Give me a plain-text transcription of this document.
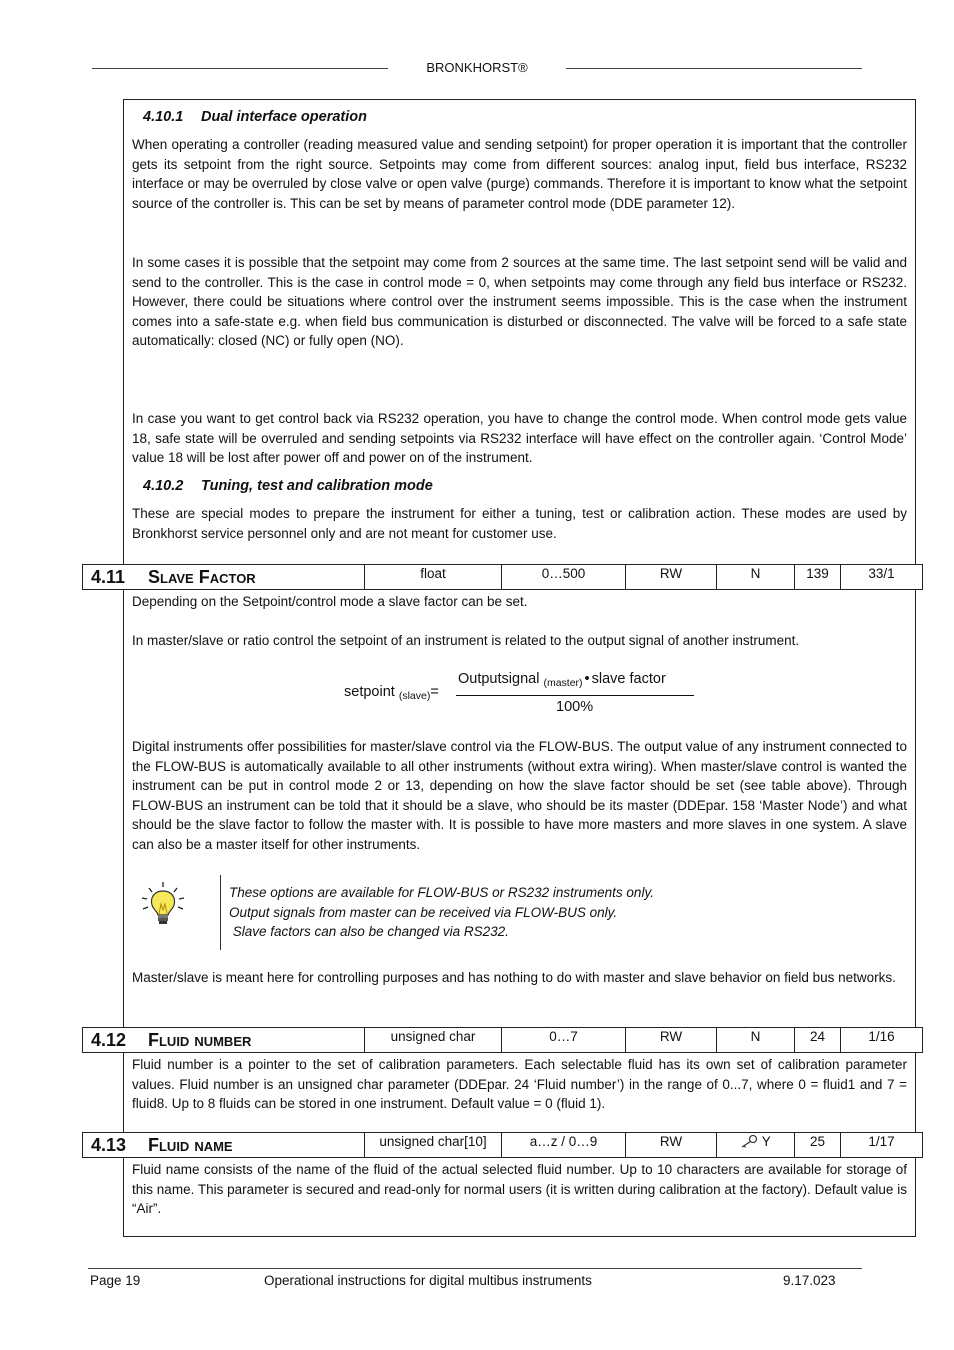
BRONKHORST®
4.10.1 Dual interface operation
When operating a controller (reading measured value and sending setpoint) for proper operation it is important that the controller gets its setpoint from the right source. Setpoints may come from different sources: analog input, field bus interface, RS232 interface or may be overruled by close valve or open valve (purge) commands. Therefore it is important to know what the setpoint source of the controller is. This can be set by means of parameter control mode (DDE parameter 12).
In some cases it is possible that the setpoint may come from 2 sources at the same time. The last setpoint send will be valid and send to the controller. This is the case in control mode = 0, when setpoints may come through any field bus interface or RS232. However, there could be situations where control over the instrument seems impossible. This is the case when the instrument comes into a safe-state e.g. when field bus communication is disturbed or disconnected. The valve will be forced to a safe state automatically: closed (NC) or fully open (NO).
In case you want to get control back via RS232 operation, you have to change the control mode. When control mode gets value 18, safe state will be overruled and sending setpoints via RS232 interface will have effect on the controller again. ‘Control Mode’ value 18 will be lost after power off and power on of the instrument.
4.10.2 Tuning, test and calibration mode
These are special modes to prepare the instrument for either a tuning, test or calibration action. These modes are used by Bronkhorst service personnel only and are not meant for customer use.
4.11 Slave Factor	float	0…500	RW	N	139	33/1
Depending on the Setpoint/control mode a slave factor can be set.
In master/slave or ratio control the setpoint of an instrument is related to the output signal of another instrument.
setpoint $_{(slave)}$=
Outputsignal $_{(master)}$ • slave factor
100%
Digital instruments offer possibilities for master/slave control via the FLOW-BUS. The output value of any instrument connected to the FLOW-BUS is automatically available to all other instruments (without extra wiring). When master/slave control is wanted the instrument can be put in control mode 2 or 13, depending on how the slave factor should be set (see table above). Through FLOW-BUS an instrument can be told that it should be a slave, who should be its master (DDEpar. 158 ‘Master Node’) and what should be the slave factor to follow the master with. It is possible to have more masters and more slaves in one system. A slave can also be a master itself for other instruments.
These options are available for FLOW-BUS or RS232 instruments only.
Output signals from master can be received via FLOW-BUS only.
Slave factors can also be changed via RS232.
Master/slave is meant here for controlling purposes and has nothing to do with master and slave behavior on field bus networks.
4.12 Fluid number	unsigned char	0…7	RW	N	24	1/16
Fluid number is a pointer to the set of calibration parameters. Each selectable fluid has its own set of calibration parameter values. Fluid number is an unsigned char parameter (DDEpar. 24 ‘Fluid number’) in the range of 0...7, where 0 = fluid1 and 7 = fluid8. Up to 8 fluids can be stored in one instrument. Default value = 0 (fluid 1).
4.13 Fluid name	unsigned char[10]	a…z / 0…9	RW	Y	25	1/17
Fluid name consists of the name of the fluid of the actual selected fluid number. Up to 10 characters are available for storage of this name. This parameter is secured and read-only for normal users (it is written during calibration at the factory). Default value is “Air”.
Page 19	Operational instructions for digital multibus instruments	9.17.023
